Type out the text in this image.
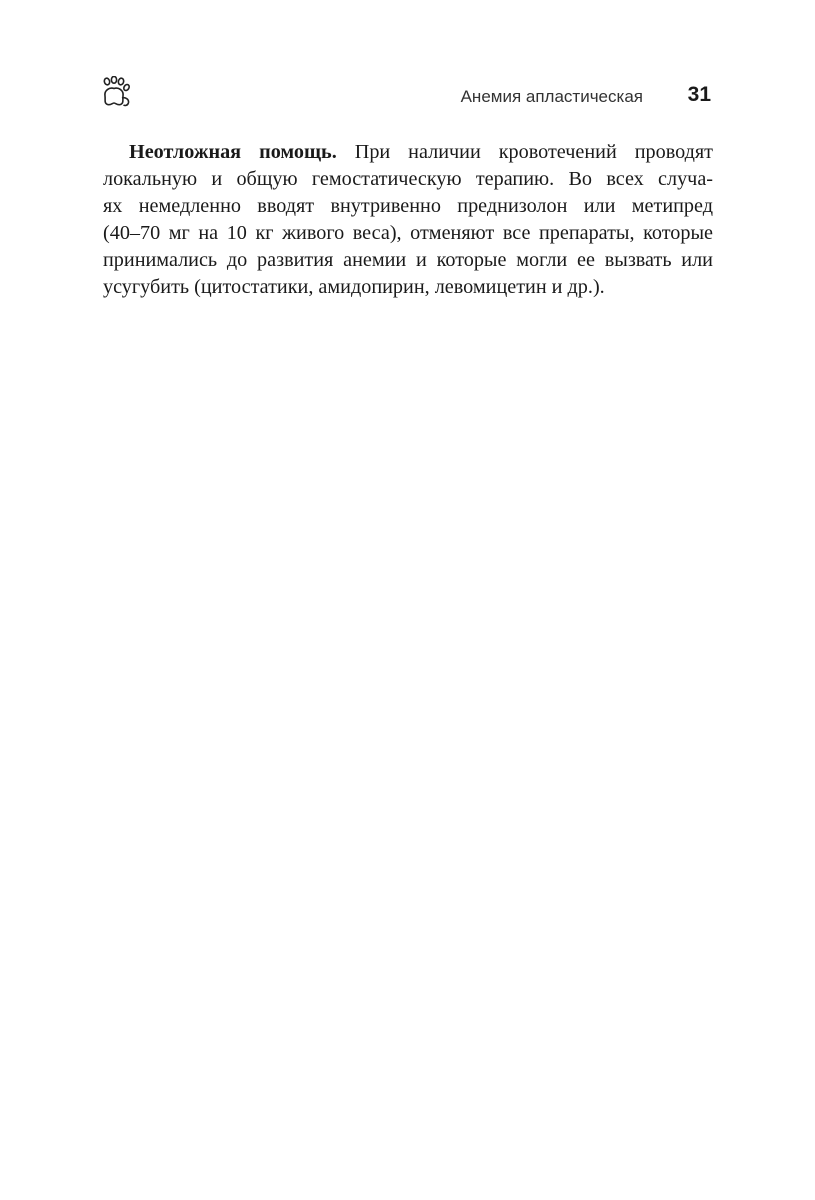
Анемия апластическая 31

Неотложная помощь. При наличии кровотечений проводят
локальную и общую гемостатическую терапию. Во всех случа-
ях немедленно вводят внутривенно преднизолон или метипред
(40–70 мг на 10 кг живого веса), отменяют все препараты, которые
принимались до развития анемии и которые могли ее вызвать или
усугубить (цитостатики, амидопирин, левомицетин и др.).
